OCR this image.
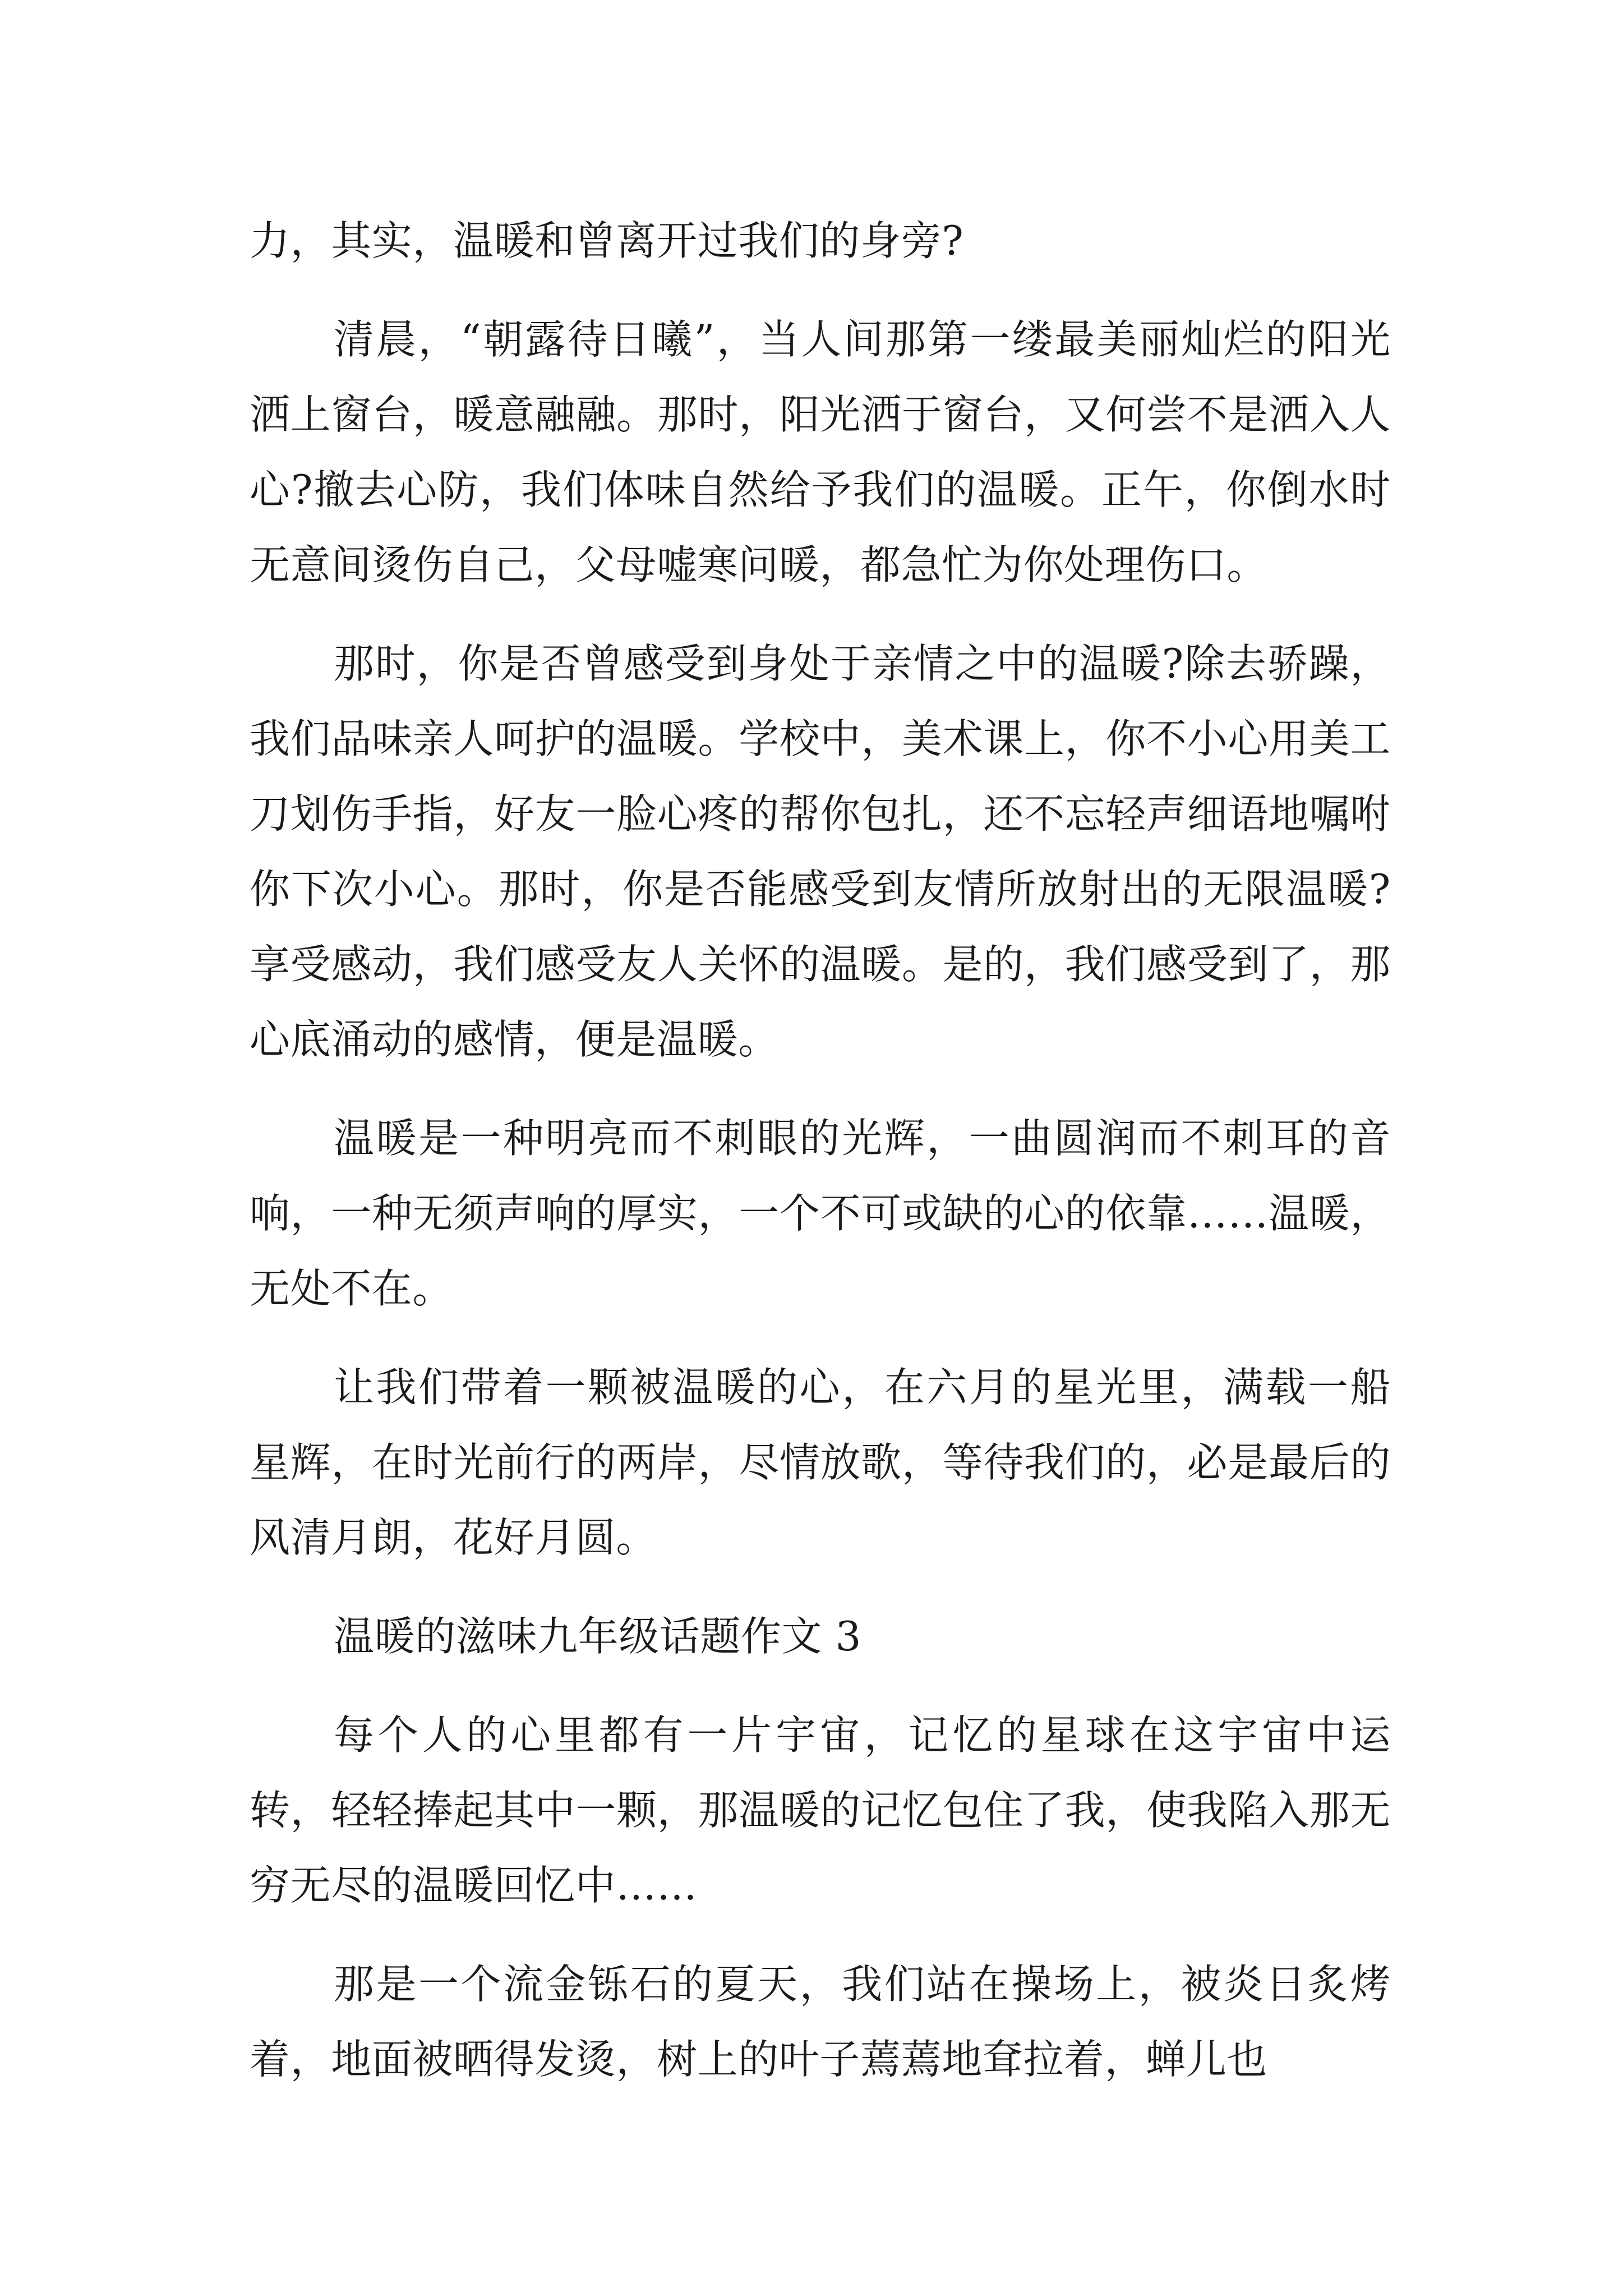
力，其实，温暖和曾离开过我们的身旁?

清晨，“朝露待日曦”，当人间那第一缕最美丽灿烂的阳光洒上窗台，暖意融融。那时，阳光洒于窗台，又何尝不是洒入人心?撤去心防，我们体味自然给予我们的温暖。正午，你倒水时无意间烫伤自己，父母嘘寒问暖，都急忙为你处理伤口。

那时，你是否曾感受到身处于亲情之中的温暖?除去骄躁，我们品味亲人呵护的温暖。学校中，美术课上，你不小心用美工刀划伤手指，好友一脸心疼的帮你包扎，还不忘轻声细语地嘱咐你下次小心。那时，你是否能感受到友情所放射出的无限温暖?享受感动，我们感受友人关怀的温暖。是的，我们感受到了，那心底涌动的感情，便是温暖。

温暖是一种明亮而不刺眼的光辉，一曲圆润而不刺耳的音响，一种无须声响的厚实，一个不可或缺的心的依靠……温暖，无处不在。

让我们带着一颗被温暖的心，在六月的星光里，满载一船星辉，在时光前行的两岸，尽情放歌，等待我们的，必是最后的风清月朗，花好月圆。

温暖的滋味九年级话题作文 3

每个人的心里都有一片宇宙，记忆的星球在这宇宙中运转，轻轻捧起其中一颗，那温暖的记忆包住了我，使我陷入那无穷无尽的温暖回忆中……

那是一个流金铄石的夏天，我们站在操场上，被炎日炙烤着，地面被晒得发烫，树上的叶子蔫蔫地耷拉着，蝉儿也
